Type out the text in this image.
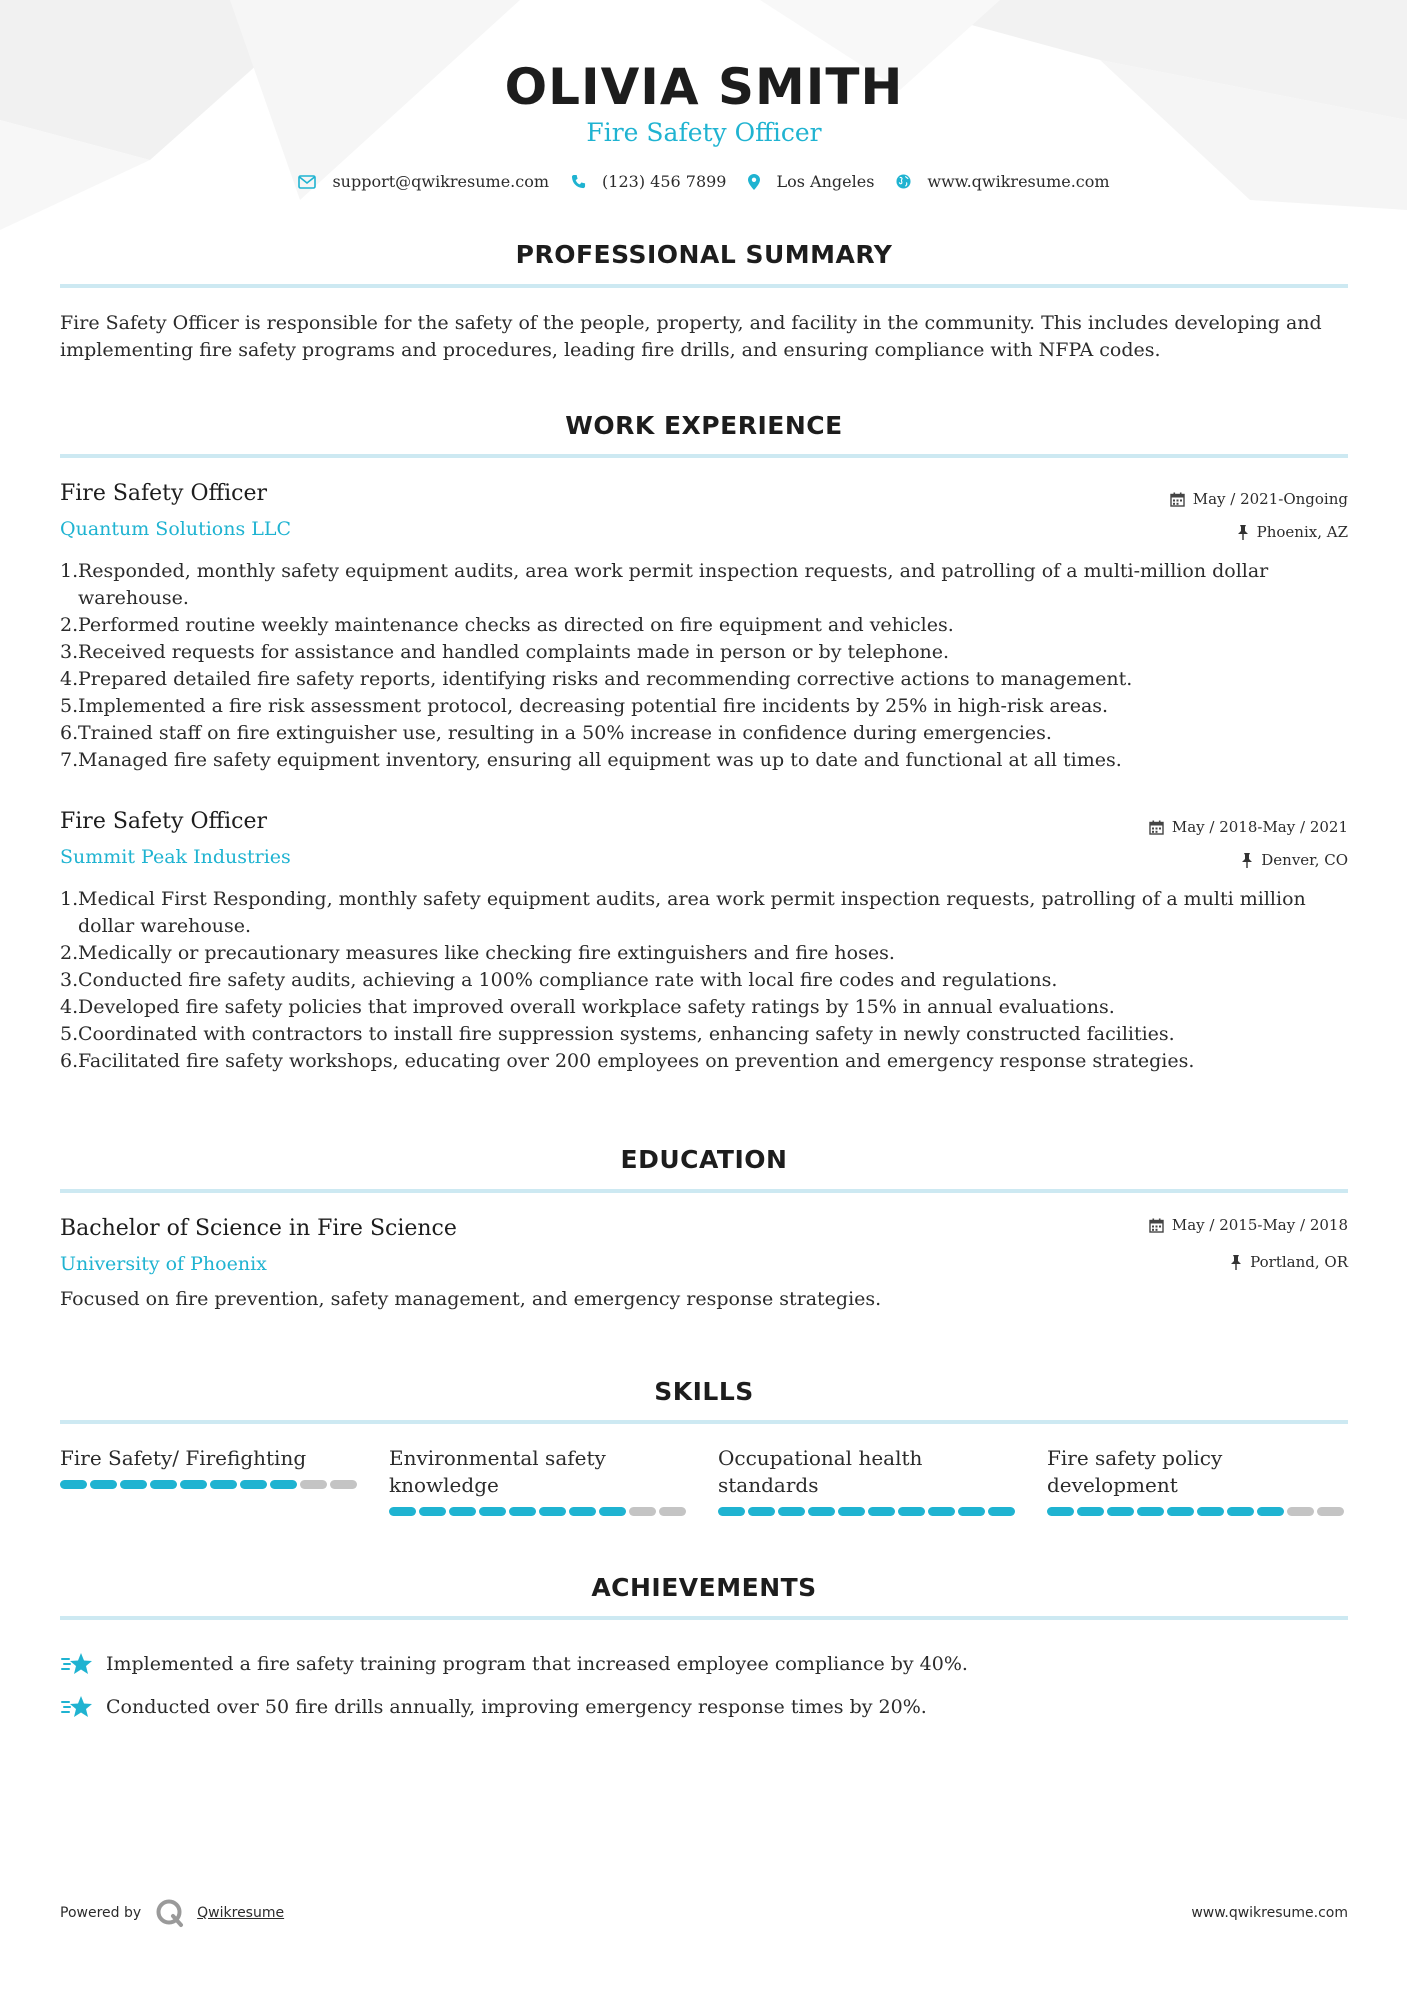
OLIVIA SMITH
Fire Safety Officer
support@qwikresume.com	(123) 456 7899	Los Angeles	www.qwikresume.com
PROFESSIONAL SUMMARY

Fire Safety Officer is responsible for the safety of the people, property, and facility in the community. This includes developing and implementing fire safety programs and procedures, leading fire drills, and ensuring compliance with NFPA codes.

WORK EXPERIENCE
Fire Safety Officer
Quantum Solutions LLC
May / 2021-Ongoing
Phoenix, AZ
1. Responded, monthly safety equipment audits, area work permit inspection requests, and patrolling of a multi-million dollar warehouse.
2. Performed routine weekly maintenance checks as directed on fire equipment and vehicles.
3. Received requests for assistance and handled complaints made in person or by telephone.
4. Prepared detailed fire safety reports, identifying risks and recommending corrective actions to management.
5. Implemented a fire risk assessment protocol, decreasing potential fire incidents by 25% in high-risk areas.
6. Trained staff on fire extinguisher use, resulting in a 50% increase in confidence during emergencies.
7. Managed fire safety equipment inventory, ensuring all equipment was up to date and functional at all times.
Fire Safety Officer
Summit Peak Industries
May / 2018-May / 2021
Denver, CO
1. Medical First Responding, monthly safety equipment audits, area work permit inspection requests, patrolling of a multi million dollar warehouse.
2. Medically or precautionary measures like checking fire extinguishers and fire hoses.
3. Conducted fire safety audits, achieving a 100% compliance rate with local fire codes and regulations.
4. Developed fire safety policies that improved overall workplace safety ratings by 15% in annual evaluations.
5. Coordinated with contractors to install fire suppression systems, enhancing safety in newly constructed facilities.
6. Facilitated fire safety workshops, educating over 200 employees on prevention and emergency response strategies.
EDUCATION
Bachelor of Science in Fire Science
University of Phoenix
May / 2015-May / 2018
Portland, OR

Focused on fire prevention, safety management, and emergency response strategies.

SKILLS
Fire Safety/ Firefighting	Environmental safety knowledge
Occupational health standards
Fire safety policy development
ACHIEVEMENTS
Implemented a fire safety training program that increased employee compliance by 40%.
Conducted over 50 fire drills annually, improving emergency response times by 20%.
Powered by	Qwikresume	www.qwikresume.com
